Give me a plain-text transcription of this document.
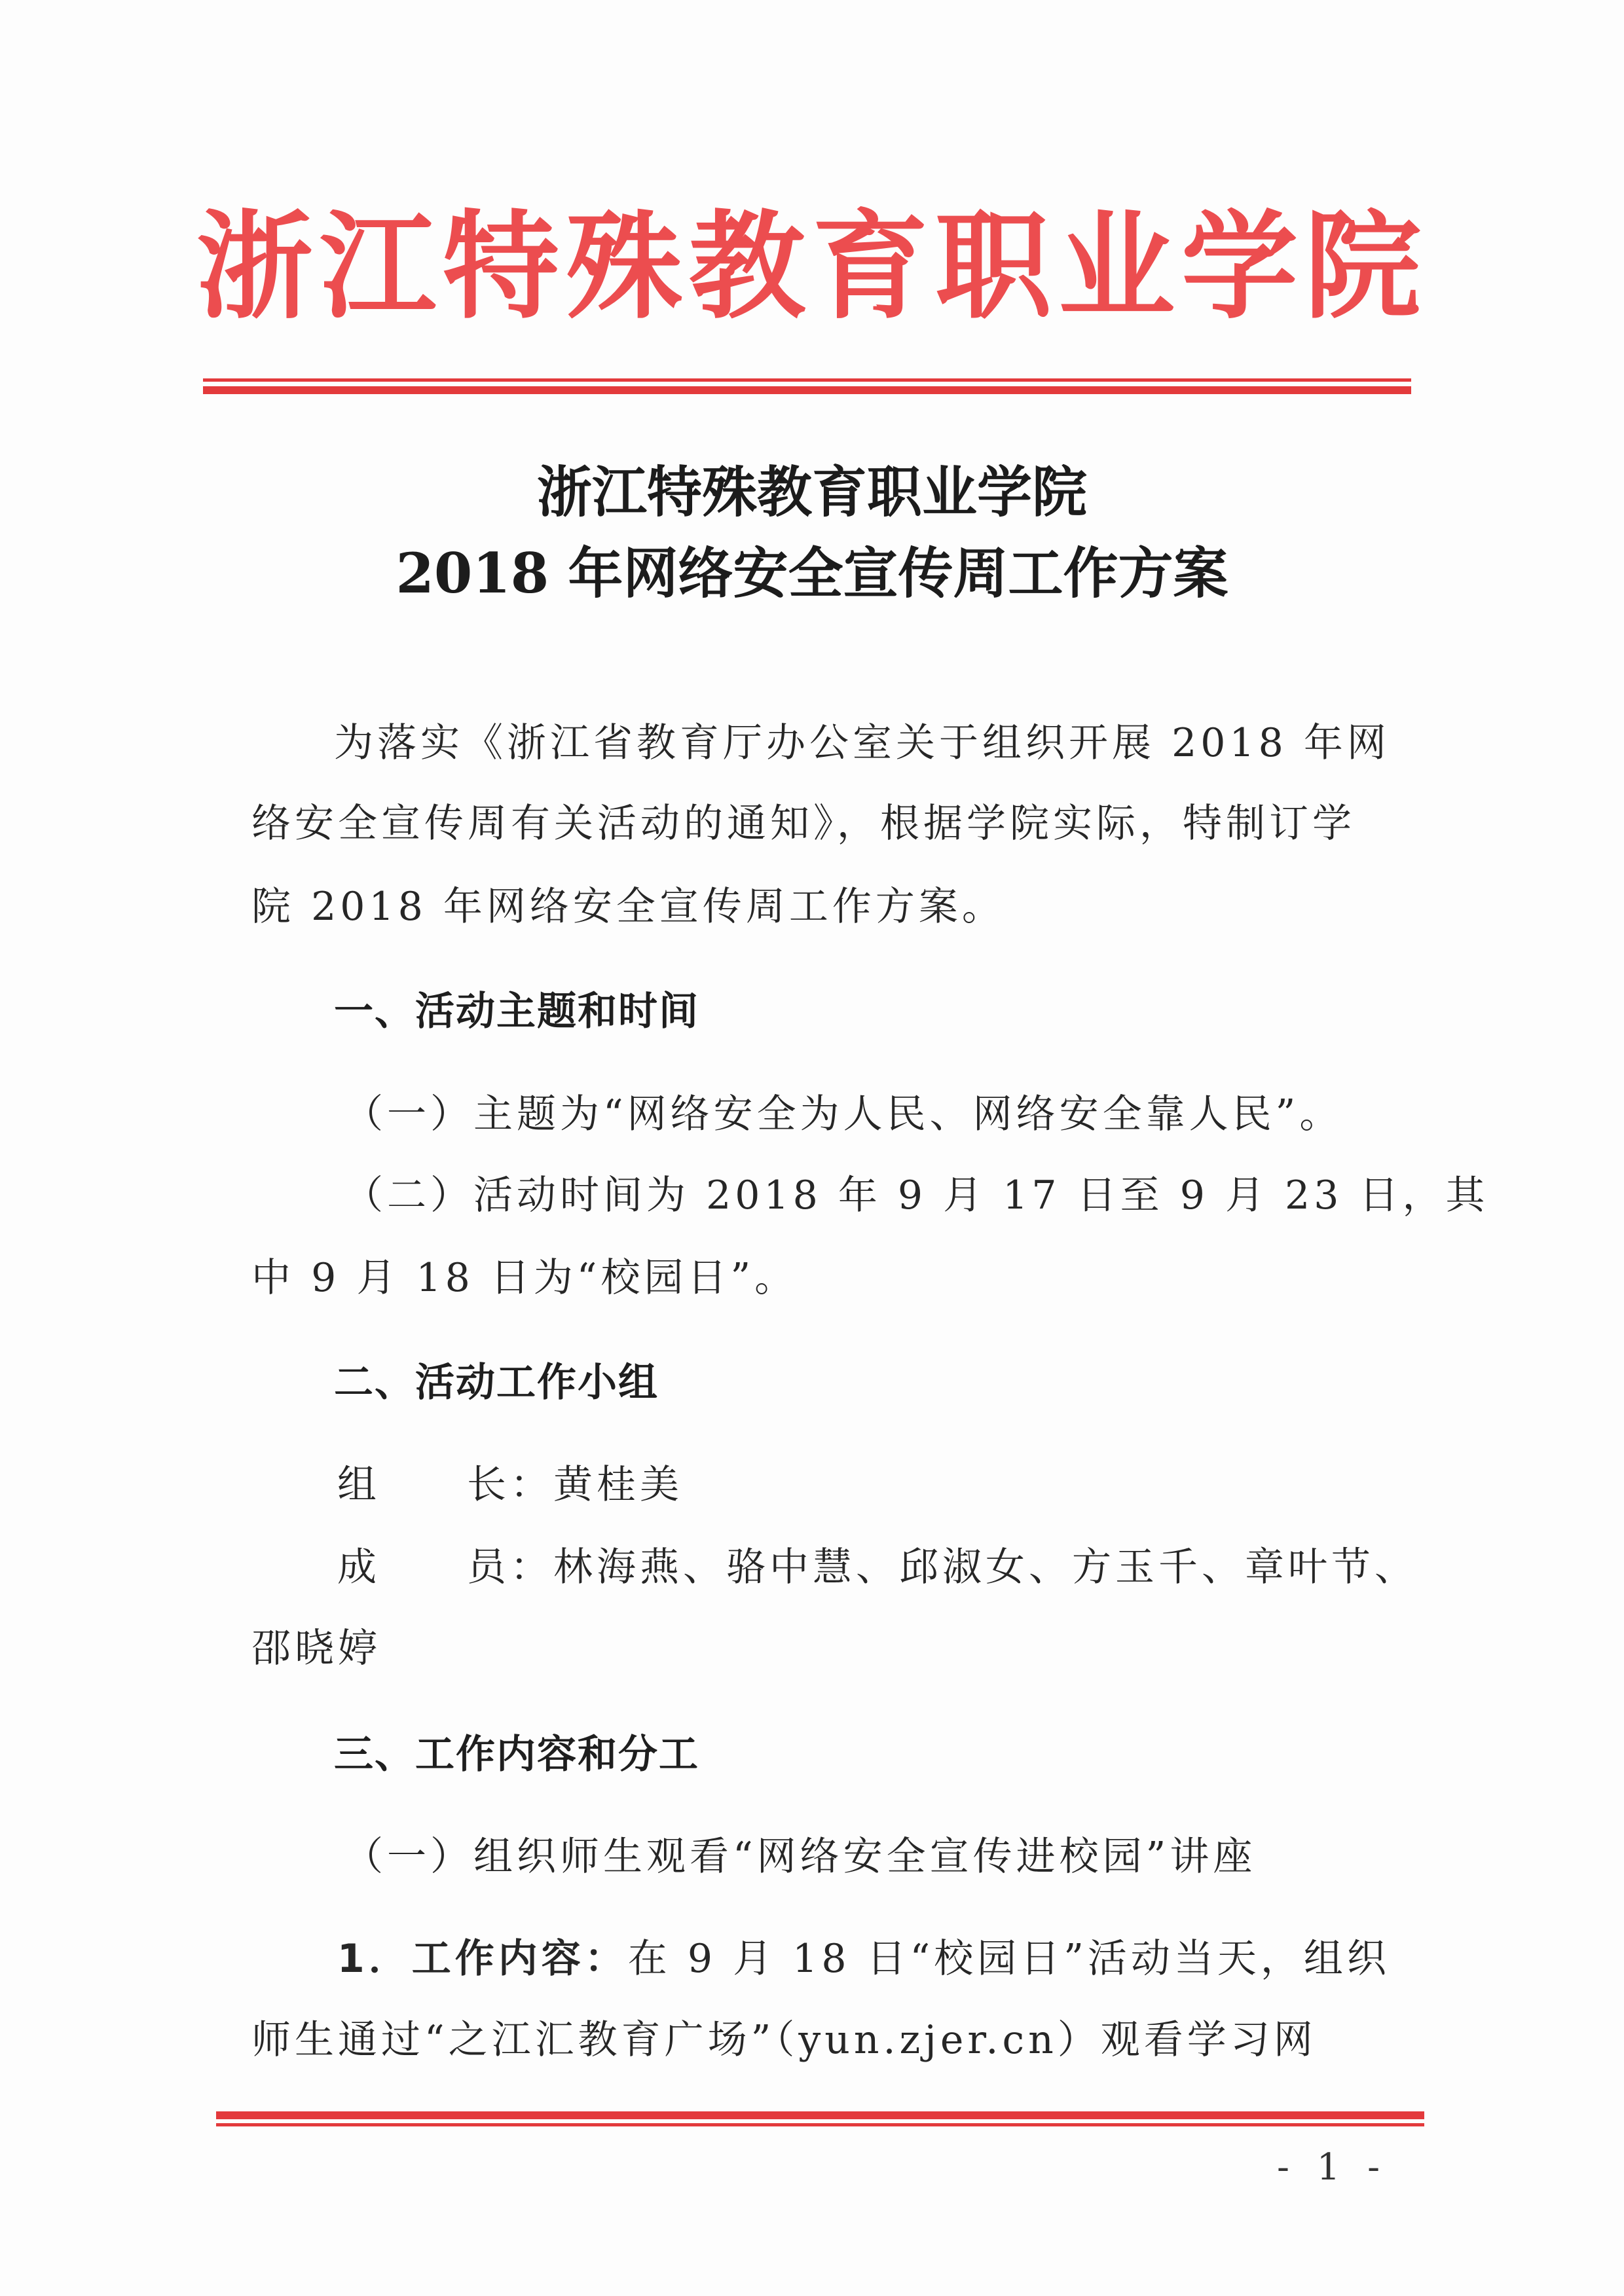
浙江特殊教育职业学院
浙江特殊教育职业学院
2018 年网络安全宣传周工作方案
为落实《浙江省教育厅办公室关于组织开展 2018 年网
络安全宣传周有关活动的通知》，根据学院实际，特制订学
院 2018 年网络安全宣传周工作方案。
一、活动主题和时间
（一）主题为“网络安全为人民、网络安全靠人民”。
（二）活动时间为 2018 年 9 月 17 日至 9 月 23 日，其
中 9 月 18 日为“校园日”。
二、活动工作小组
组　　长：黄桂美
成　　员：林海燕、骆中慧、邱淑女、方玉千、章叶节、
邵晓婷
三、工作内容和分工
（一）组织师生观看“网络安全宣传进校园”讲座
1．工作内容：在 9 月 18 日“校园日”活动当天，组织
师生通过“之江汇教育广场”（yun.zjer.cn）观看学习网
- 1 -
